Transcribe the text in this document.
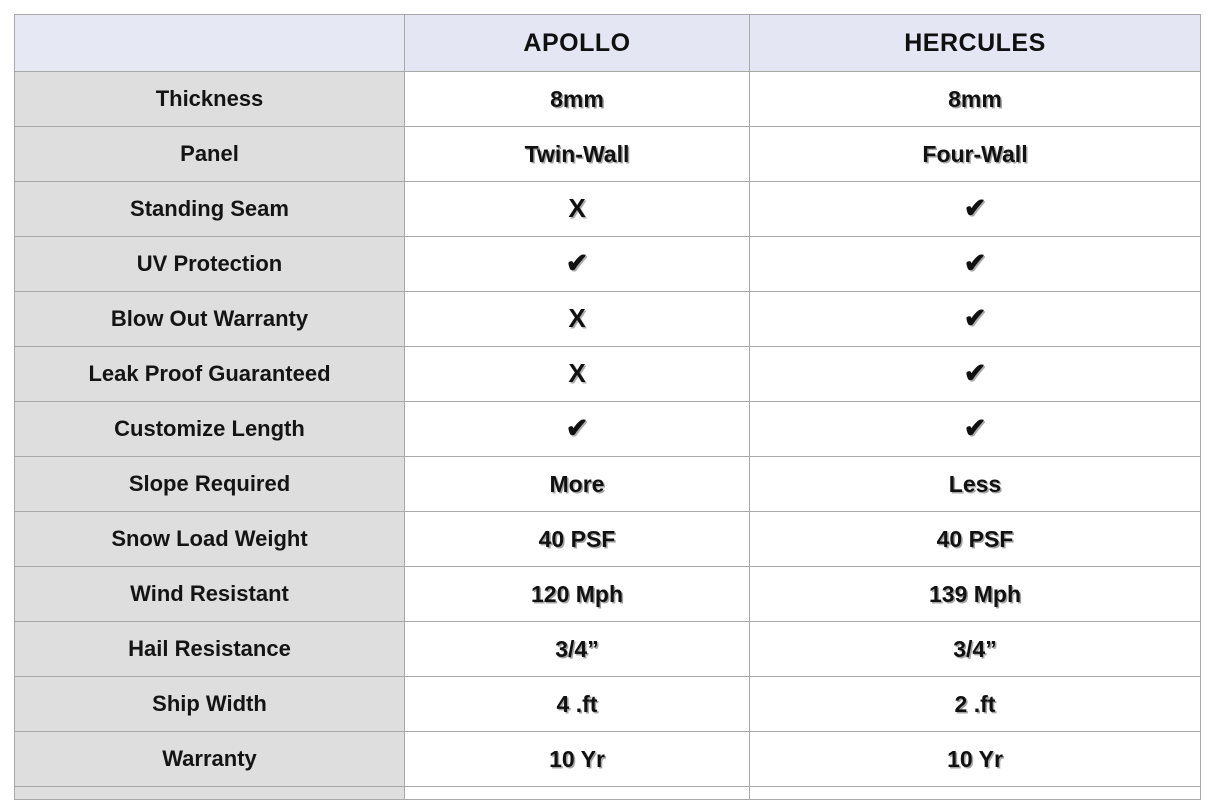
	APOLLO	HERCULES
Thickness	8mm	8mm
Panel	Twin-Wall	Four-Wall
Standing Seam	X	✔
UV Protection	✔	✔
Blow Out Warranty	X	✔
Leak Proof Guaranteed	X	✔
Customize Length	✔	✔
Slope Required	More	Less
Snow Load Weight	40 PSF	40 PSF
Wind Resistant	120 Mph	139 Mph
Hail Resistance	3/4”	3/4”
Ship Width	4 .ft	2 .ft
Warranty	10 Yr	10 Yr
